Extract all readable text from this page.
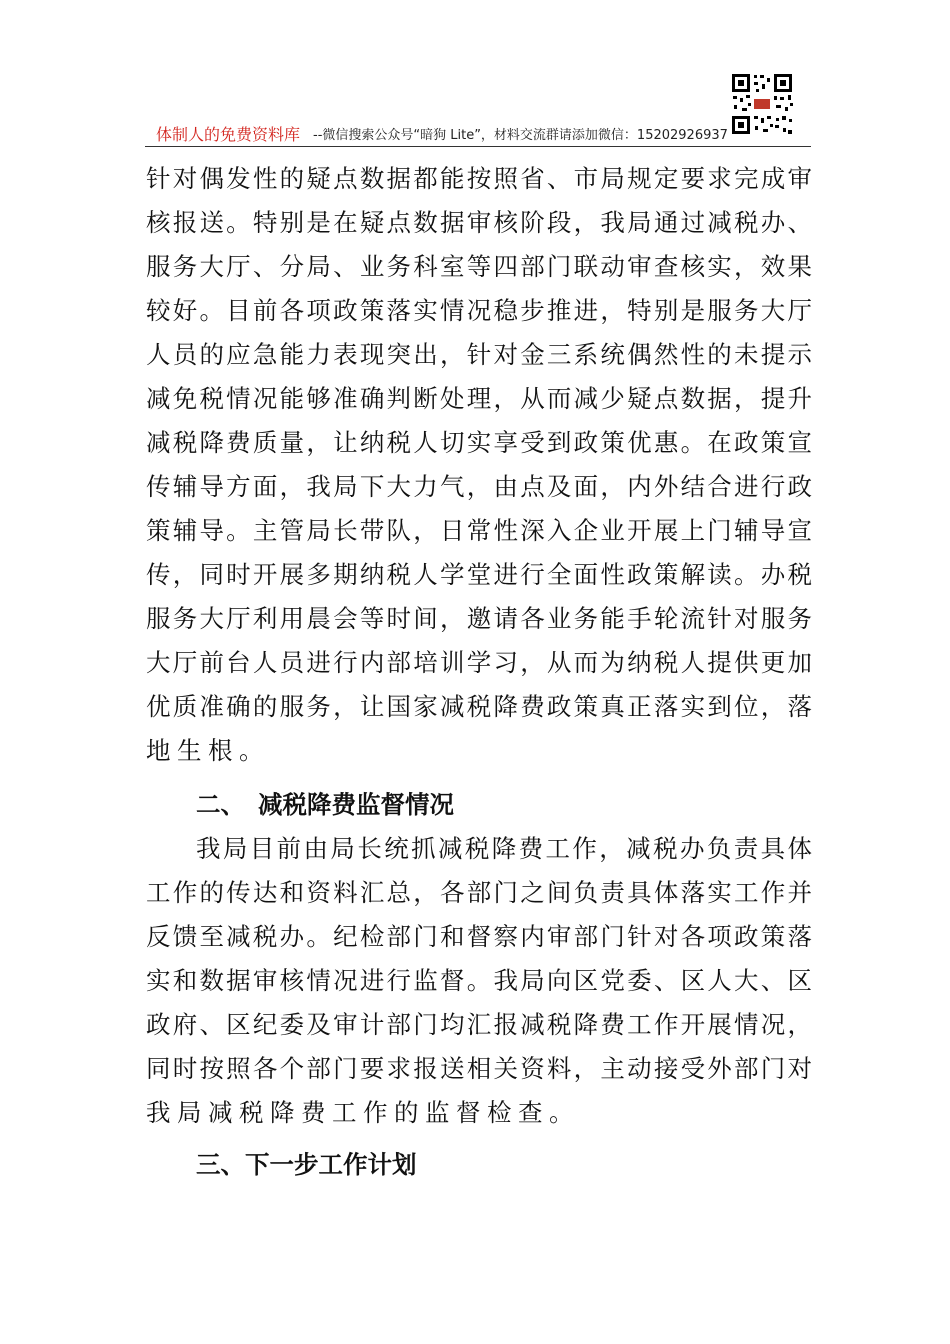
体制人的免费资料库 --微信搜索公众号“暗狗 Lite”，材料交流群请添加微信：15202926937
针对偶发性的疑点数据都能按照省、市局规定要求完成审
核报送。特别是在疑点数据审核阶段，我局通过减税办、
服务大厅、分局、业务科室等四部门联动审查核实，效果
较好。目前各项政策落实情况稳步推进，特别是服务大厅
人员的应急能力表现突出，针对金三系统偶然性的未提示
减免税情况能够准确判断处理，从而减少疑点数据，提升
减税降费质量，让纳税人切实享受到政策优惠。在政策宣
传辅导方面，我局下大力气，由点及面，内外结合进行政
策辅导。主管局长带队，日常性深入企业开展上门辅导宣
传，同时开展多期纳税人学堂进行全面性政策解读。办税
服务大厅利用晨会等时间，邀请各业务能手轮流针对服务
大厅前台人员进行内部培训学习，从而为纳税人提供更加
优质准确的服务，让国家减税降费政策真正落实到位，落
地生根。
二、 减税降费监督情况
我局目前由局长统抓减税降费工作，减税办负责具体
工作的传达和资料汇总，各部门之间负责具体落实工作并
反馈至减税办。纪检部门和督察内审部门针对各项政策落
实和数据审核情况进行监督。我局向区党委、区人大、区
政府、区纪委及审计部门均汇报减税降费工作开展情况，
同时按照各个部门要求报送相关资料，主动接受外部门对
我局减税降费工作的监督检查。
三、下一步工作计划
